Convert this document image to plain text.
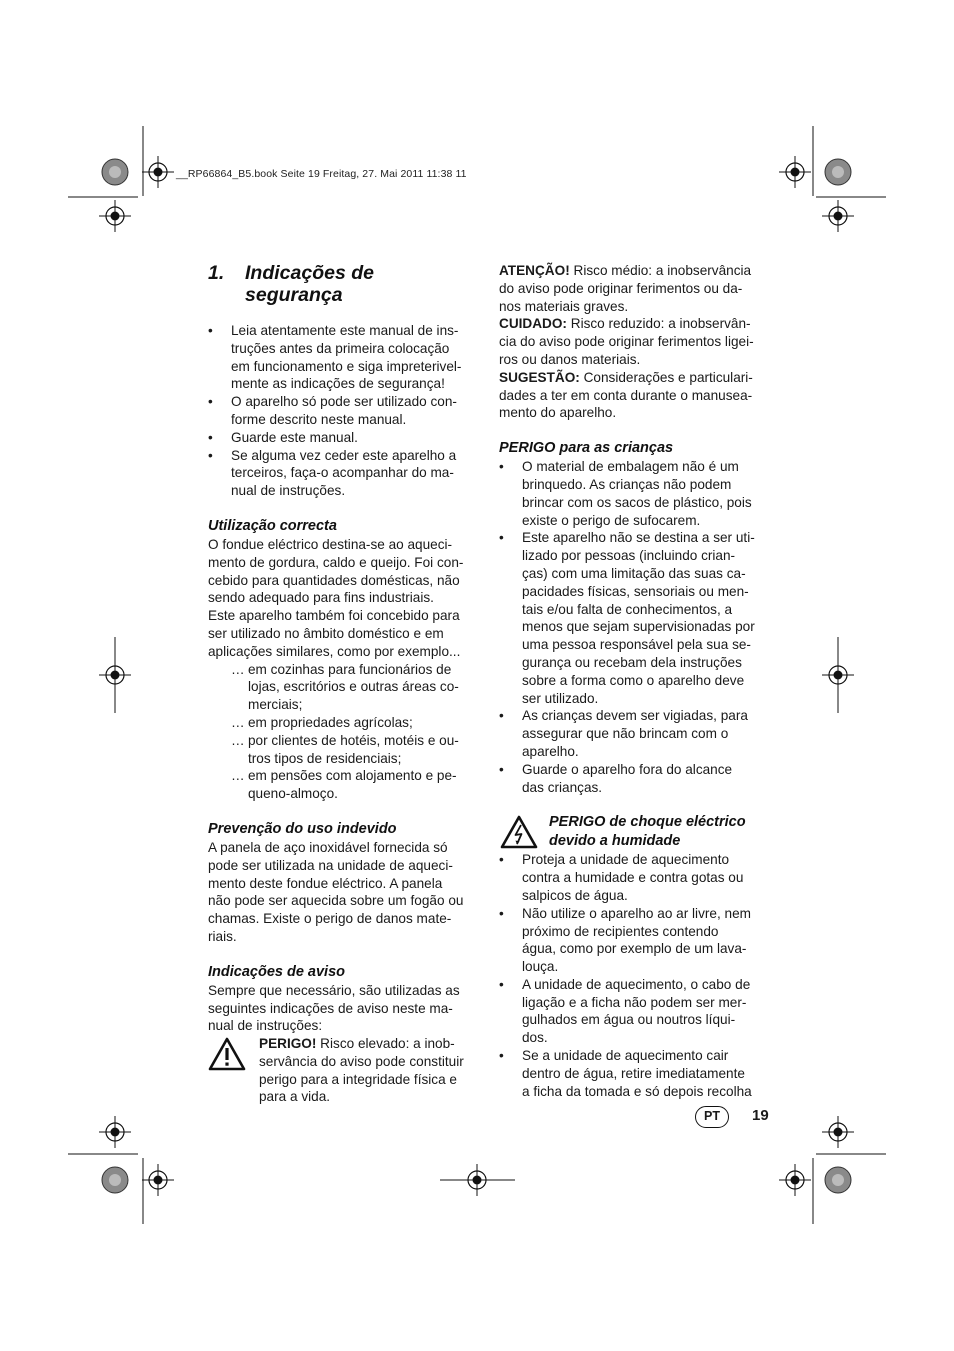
__RP66864_B5.book Seite 19 Freitag, 27. Mai 2011 11:38 11
1. Indicações de
segurança
• Leia atentamente este manual de ins-
truções antes da primeira colocação
em funcionamento e siga impreterivel-
mente as indicações de segurança!
• O aparelho só pode ser utilizado con-
forme descrito neste manual.
• Guarde este manual.
• Se alguma vez ceder este aparelho a
terceiros, faça-o acompanhar do ma-
nual de instruções.
Utilização correcta

O fondue eléctrico destina-se ao aqueci-
mento de gordura, caldo e queijo. Foi con-
cebido para quantidades domésticas, não
sendo adequado para fins industriais.
Este aparelho também foi concebido para
ser utilizado no âmbito doméstico e em
aplicações similares, como por exemplo...

… em cozinhas para funcionários de
lojas, escritórios e outras áreas co-
merciais;
… em propriedades agrícolas;
… por clientes de hotéis, motéis e ou-
tros tipos de residenciais;
… em pensões com alojamento e pe-
queno-almoço.
Prevenção do uso indevido

A panela de aço inoxidável fornecida só
pode ser utilizada na unidade de aqueci-
mento deste fondue eléctrico. A panela
não pode ser aquecida sobre um fogão ou
chamas. Existe o perigo de danos mate-
riais.

Indicações de aviso

Sempre que necessário, são utilizadas as
seguintes indicações de aviso neste ma-
nual de instruções:

PERIGO! Risco elevado: a inob-
servância do aviso pode constituir
perigo para a integridade física e
para a vida.

ATENÇÃO! Risco médio: a inobservância
do aviso pode originar ferimentos ou da-
nos materiais graves.

CUIDADO: Risco reduzido: a inobservân-
cia do aviso pode originar ferimentos ligei-
ros ou danos materiais.

SUGESTÃO: Considerações e particulari-
dades a ter em conta durante o manusea-
mento do aparelho.

PERIGO para as crianças
• O material de embalagem não é um
brinquedo. As crianças não podem
brincar com os sacos de plástico, pois
existe o perigo de sufocarem.
• Este aparelho não se destina a ser uti-
lizado por pessoas (incluindo crian-
ças) com uma limitação das suas ca-
pacidades físicas, sensoriais ou men-
tais e/ou falta de conhecimentos, a
menos que sejam supervisionadas por
uma pessoa responsável pela sua se-
gurança ou recebam dela instruções
sobre a forma como o aparelho deve
ser utilizado.
• As crianças devem ser vigiadas, para
assegurar que não brincam com o
aparelho.
• Guarde o aparelho fora do alcance
das crianças.
PERIGO de choque eléctrico
devido a humidade
• Proteja a unidade de aquecimento
contra a humidade e contra gotas ou
salpicos de água.
• Não utilize o aparelho ao ar livre, nem
próximo de recipientes contendo
água, como por exemplo de um lava-
louça.
• A unidade de aquecimento, o cabo de
ligação e a ficha não podem ser mer-
gulhados em água ou noutros líqui-
dos.
• Se a unidade de aquecimento cair
dentro de água, retire imediatamente
a ficha da tomada e só depois recolha
PT	19
